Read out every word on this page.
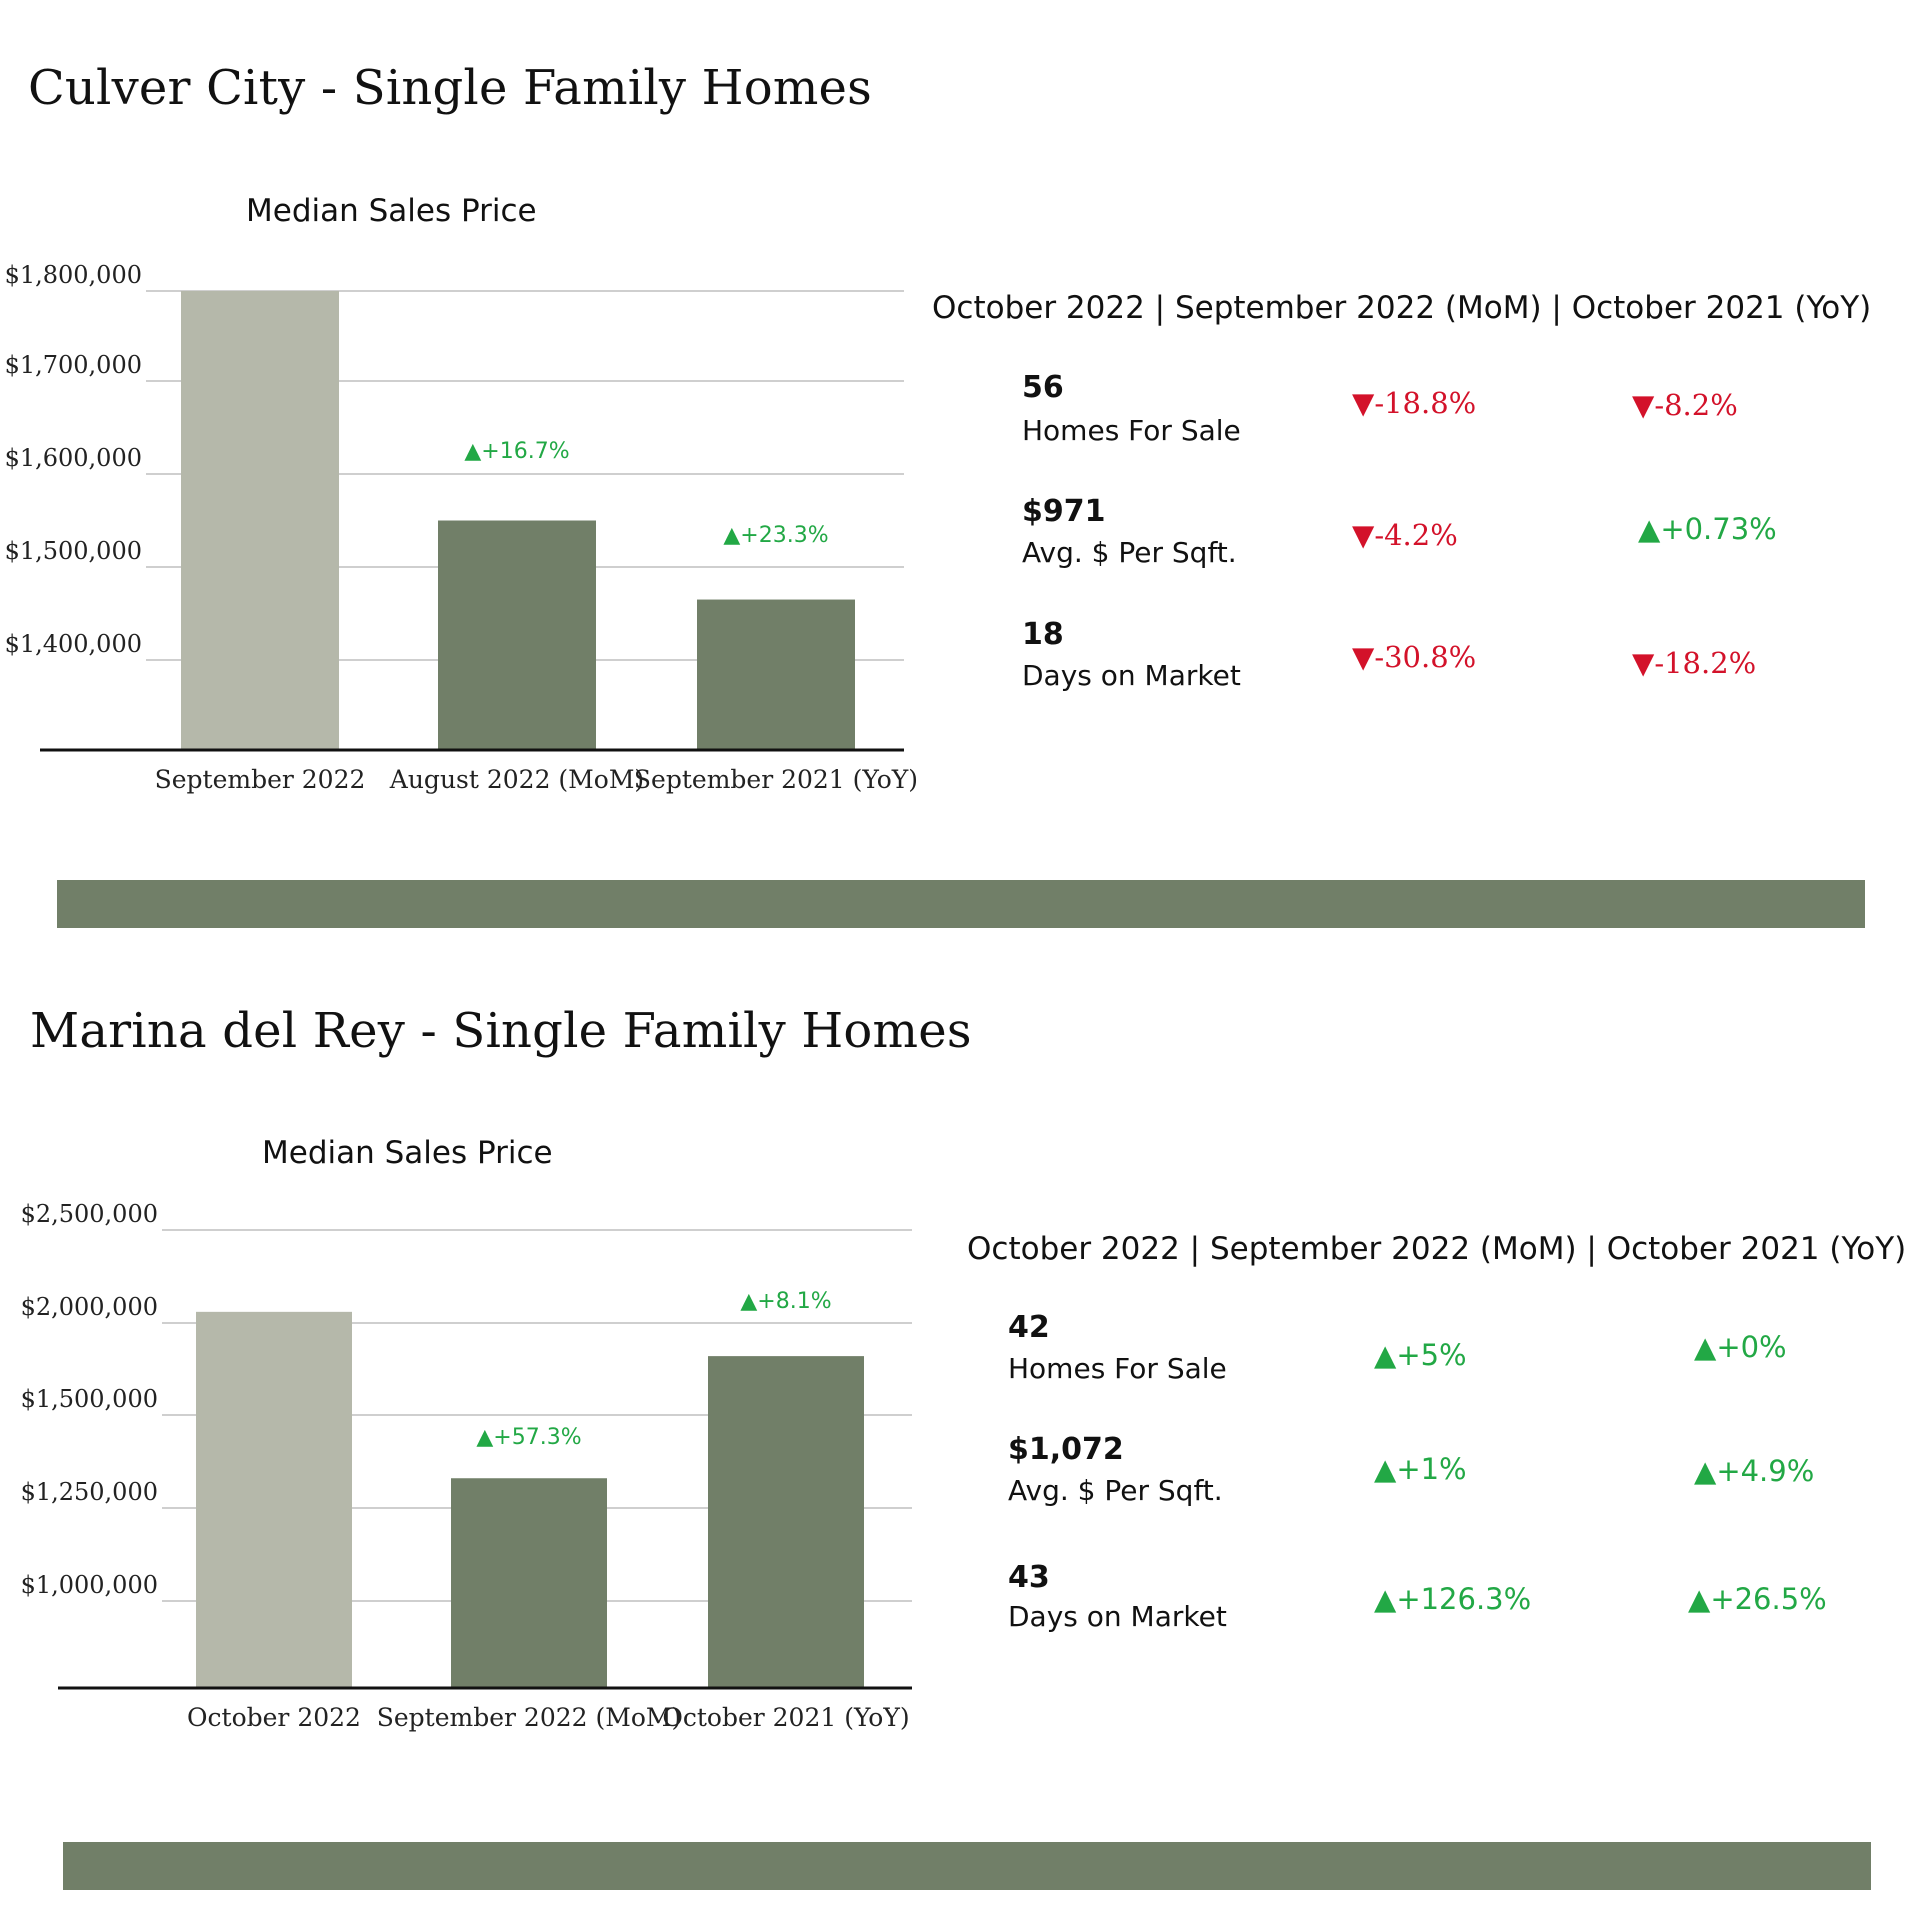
Culver City - Single Family Homes
Median Sales Price
$1,800,000
$1,700,000
$1,600,000
$1,500,000
$1,400,000
September 2022
▲+16.7%
August 2022 (MoM)
▲+23.3%
September 2021 (YoY)
October 2022 | September 2022 (MoM) | October 2021 (YoY)
56
Homes For Sale
▼-18.8%	▼-8.2%
$971
Avg. $ Per Sqft.
▼-4.2%	▲+0.73%
18
Days on Market
▼-30.8%	▼-18.2%
Marina del Rey - Single Family Homes
Median Sales Price
$2,500,000
$2,000,000
$1,500,000
$1,250,000
$1,000,000
October 2022
▲+57.3%
September 2022 (MoM)
▲+8.1%
October 2021 (YoY)
October 2022 | September 2022 (MoM) | October 2021 (YoY)
42
Homes For Sale	▲+5%	▲+0%
$1,072
Avg. $ Per Sqft.
▲+1%	▲+4.9%
43
Days on Market
▲+126.3%	▲+26.5%
